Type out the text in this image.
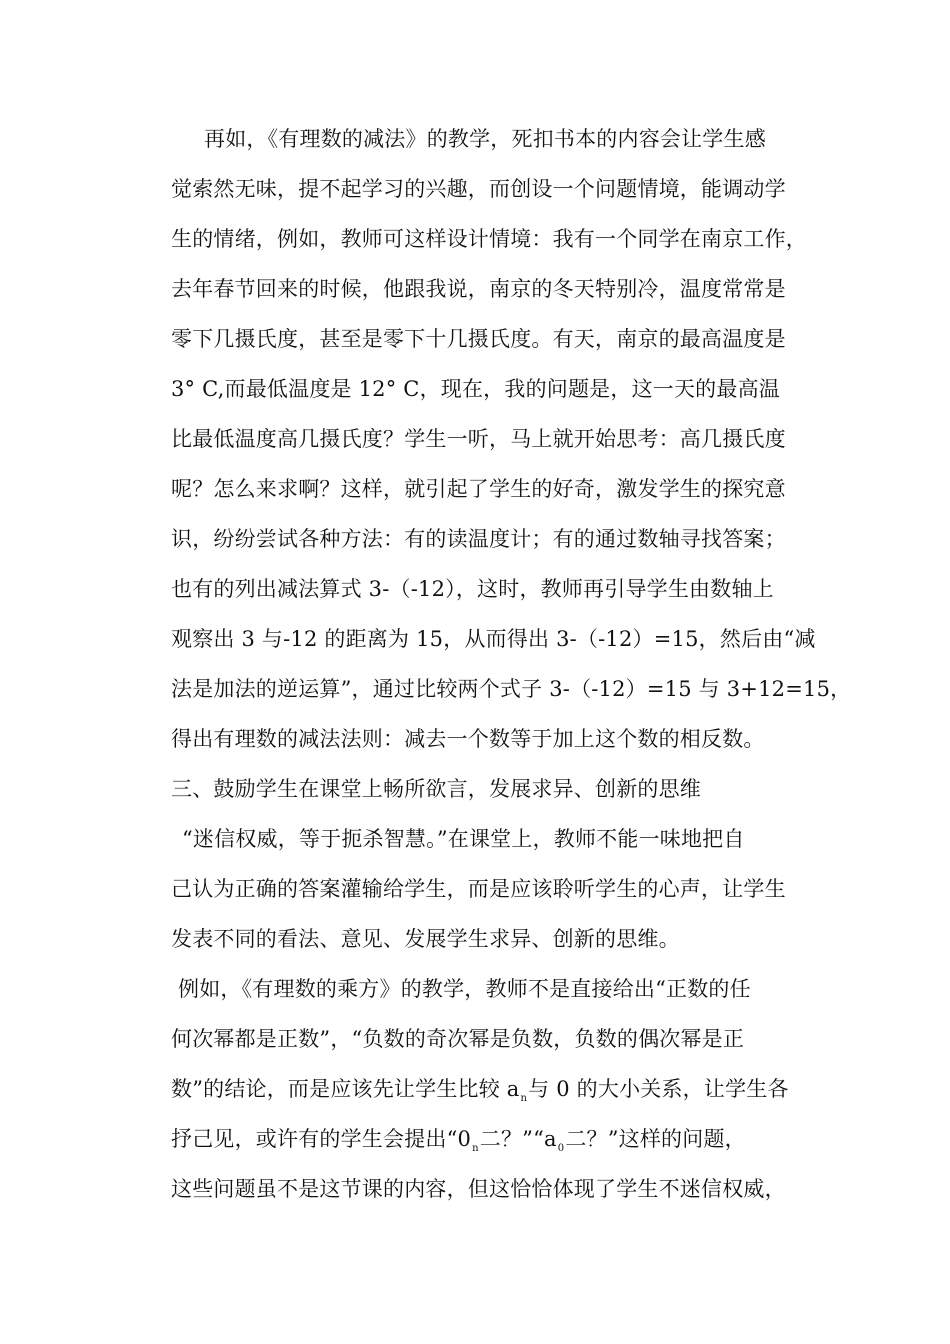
再如，《有理数的减法》的教学，死扣书本的内容会让学生感
觉索然无味，提不起学习的兴趣，而创设一个问题情境，能调动学
生的情绪，例如，教师可这样设计情境：我有一个同学在南京工作，
去年春节回来的时候，他跟我说，南京的冬天特别冷，温度常常是
零下几摄氏度，甚至是零下十几摄氏度。有天，南京的最高温度是
3° C,而最低温度是 12° C，现在，我的问题是，这一天的最高温
比最低温度高几摄氏度？学生一听，马上就开始思考：高几摄氏度
呢？怎么来求啊？这样，就引起了学生的好奇，激发学生的探究意
识，纷纷尝试各种方法：有的读温度计；有的通过数轴寻找答案；
也有的列出减法算式 3-（-12），这时，教师再引导学生由数轴上
观察出 3 与-12 的距离为 15，从而得出 3-（-12）=15，然后由“减
法是加法的逆运算”，通过比较两个式子 3-（-12）=15 与 3+12=15，
得出有理数的减法法则：减去一个数等于加上这个数的相反数。
三、鼓励学生在课堂上畅所欲言，发展求异、创新的思维
“迷信权威，等于扼杀智慧。”在课堂上，教师不能一味地把自
己认为正确的答案灌输给学生，而是应该聆听学生的心声，让学生
发表不同的看法、意见、发展学生求异、创新的思维。
例如，《有理数的乘方》的教学，教师不是直接给出“正数的任
何次幂都是正数”，“负数的奇次幂是负数，负数的偶次幂是正
数”的结论，而是应该先让学生比较 $a_n$与 0 的大小关系，让学生各
抒己见，或许有的学生会提出“$0_n$二？$”“a_0$二？”这样的问题，
这些问题虽不是这节课的内容，但这恰恰体现了学生不迷信权威，
